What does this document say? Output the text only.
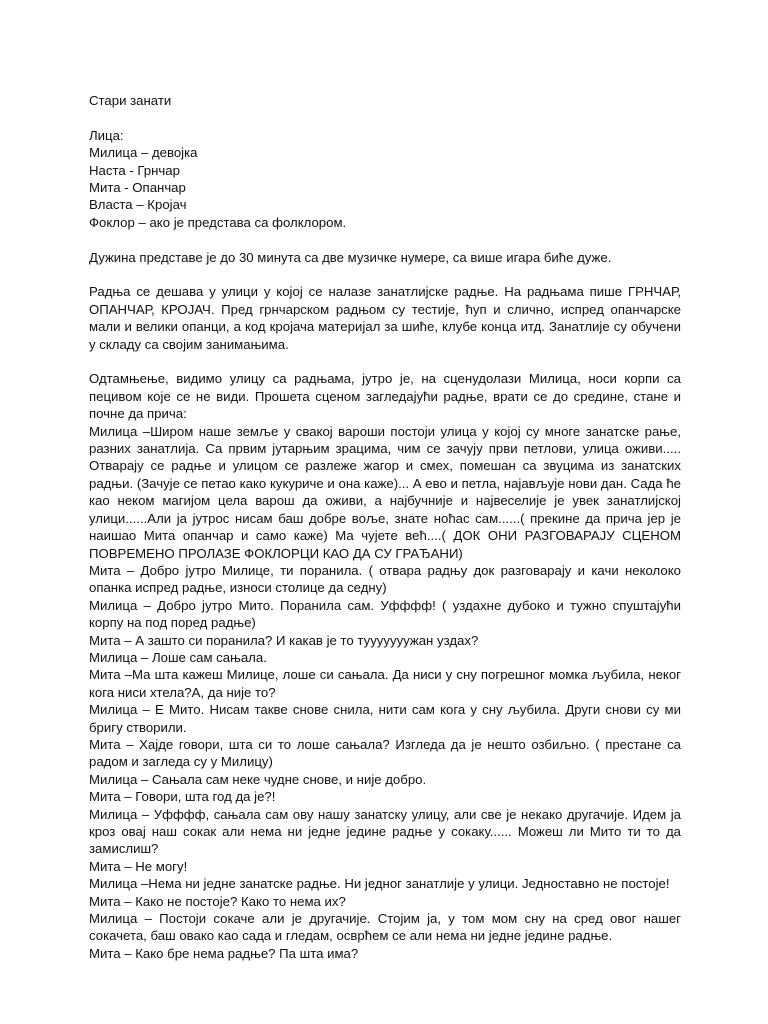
Стари занати

Лица:

Милица – девојка

Наста - Грнчар

Мита - Опанчар

Власта – Кројач

Фоклор – ако је представа са фолклором.

Дужина представе је до 30 минута са две музичке нумере, са више игара биће дуже.

Радња се дешава у улици у којој се налазе занатлијске радње. На радњама пише ГРНЧАР, ОПАНЧАР, КРОЈАЧ. Пред грнчарском радњом су тестије, ћуп и слично, испред опанчарске мали и велики опанци, а код кројача материјал за шиће, клубе конца итд. Занатлије су обучени у складу са својим занимањима.

Одтамњење, видимо улицу са радњама, јутро је, на сценудолази Милица, носи корпи са пецивом које се не види. Прошета сценом загледајући радње, врати се до средине, стане и почне да прича:

Милица –Широм наше земље у свакој вароши постоји улица у којој су многе занатске рање, разних занатлија. Са првим јутарњим зрацима, чим се зачују први петлови, улица оживи..... Отварају се радње и улицом се разлеже жагор и смех, помешан са звуцима из занатских радњи. (Зачује се петао како кукуриче и она каже)... А ево и петла, најављује нови дан. Сада ће као неком магијом цела варош да оживи, а најбучније и највеселије је увек занатлијској улици......Али ја јутрос нисам баш добре воље, знате ноћас сам......( прекине да прича јер је наишао Мита опанчар и само каже) Ма чујете већ....( ДОК ОНИ РАЗГОВАРАЈУ СЦЕНОМ ПОВРЕМЕНО ПРОЛАЗЕ ФОКЛОРЦИ КАО ДА СУ ГРАЂАНИ)

Мита – Добро јутро Милице, ти поранила. ( отвара радњу док разговарају и качи неколоко опанка испред радње, износи столице да седну)

Милица – Добро јутро Мито. Поранила сам. Уфффф! ( уздахне дубоко и тужно спуштајући корпу на под поред радње)

Мита – А зашто си поранила? И какав је то тууууууужан уздах?

Милица – Лоше сам сањала.

Мита –Ма шта кажеш Милице, лоше си сањала. Да ниси у сну погрешног момка љубила, неког кога ниси хтела?А, да није то?

Милица – Е Мито. Нисам такве снове снила, нити сам кога у сну љубила. Други снови су ми бригу створили.

Мита – Хајде говори, шта си то лоше сањала? Изгледа да је нешто озбиљно. ( престане са радом и загледа су у Милицу)

Милица – Сањала сам неке чудне снове, и није добро.

Мита – Говори, шта год да је?!

Милица – Уфффф, сањала сам ову нашу занатску улицу, али све је некако другачије. Идем ја кроз овај наш сокак али нема ни једне једине радње у сокаку...... Можеш ли Мито ти то да замислиш?

Мита – Не могу!

Милица –Нема ни једне занатске радње. Ни једног занатлије у улици. Једноставно не постоје!

Мита – Како не постоје? Како то нема их?

Милица – Постоји сокаче али је другачије. Стојим ја, у том мом сну на сред овог нашег сокачета, баш овако као сада и гледам, осврћем се али нема ни једне једине радње.

Мита – Како бре нема радње? Па шта има?
